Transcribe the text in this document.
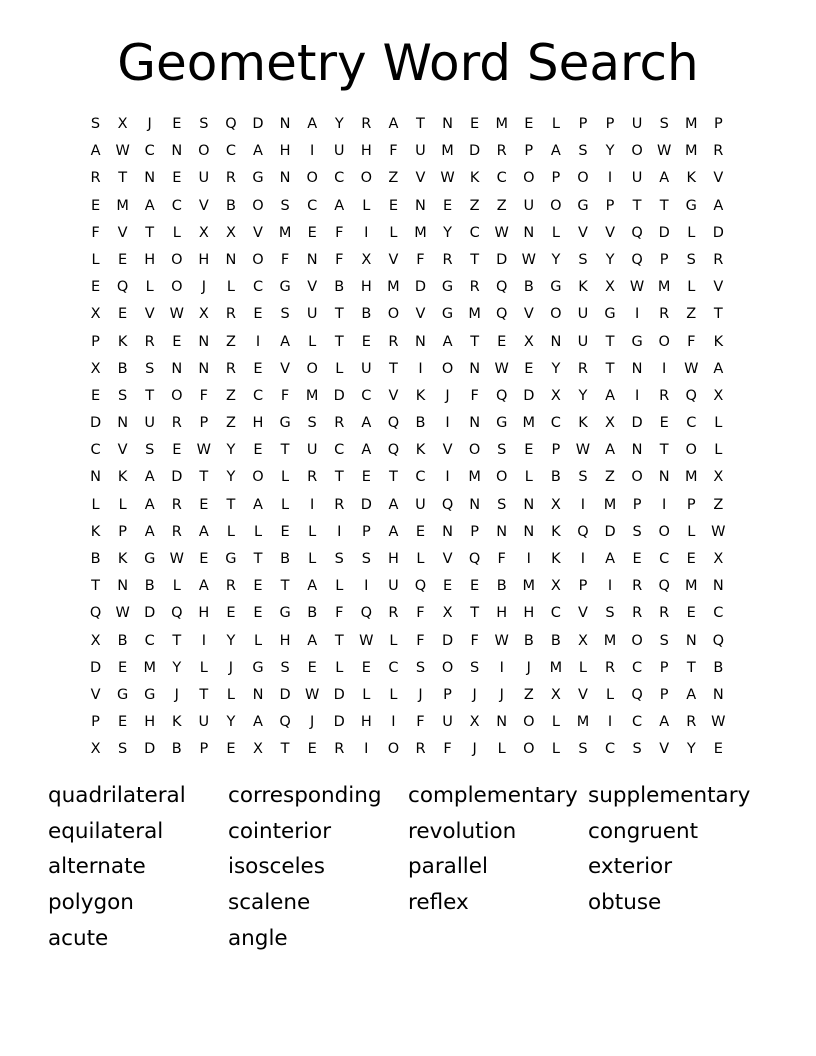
Geometry Word Search
S	X	J	E	S	Q	D	N	A	Y	R	A	T	N	E	M	E	L	P	P	U	S	M	P
A	W	C	N	O	C	A	H	I	U	H	F	U	M	D	R	P	A	S	Y	O W M	R
R	T	N	E	U	R	G	N	O	C	O	Z	V	W	K	C	O	P	O	I	U	A	K	V
E	M	A	C	V	B	O	S	C	A	L	E	N	E	Z	Z	U	O	G	P	T	T	G	A
F	V	T	L	X	X	V	M	E	F	I	L	M	Y	C	W N	L	V	V	Q	D	L	D
L	E	H	O	H	N	O	F	N	F	X	V	F	R	T	D W	Y	S	Y	Q	P	S	R
E	Q	L	O	J	L	C	G	V	B	H	M	D	G	R	Q	B	G	K	X	W M	L	V
X	E	V	W	X	R	E	S	U	T	B	O	V	G	M	Q	V	O	U	G	I	R	Z	T
P	K	R	E	N	Z	I	A	L	T	E	R	N	A	T	E	X	N	U	T	G	O	F	K
X	B	S	N	N	R	E	V	O	L	U	T	I	O	N W	E	Y	R	T	N	I	W	A
E	S	T	O	F	Z	C	F	M	D	C	V	K	J	F	Q	D	X	Y	A	I	R	Q	X
D	N	U	R	P	Z	H	G	S	R	A	Q	B	I	N	G	M	C	K	X	D	E	C	L
C	V	S	E	W	Y	E	T	U	C	A	Q	K	V	O	S	E	P	W	A	N	T	O	L
N	K	A	D	T	Y	O	L	R	T	E	T	C	I	M	O	L	B	S	Z	O	N	M	X
L	L	A	R	E	T	A	L	I	R	D	A	U	Q	N	S	N	X	I	M	P	I	P	Z
K	P	A	R	A	L	L	E	L	I	P	A	E	N	P	N	N	K	Q	D	S	O	L	W
B	K	G W	E	G	T	B	L	S	S	H	L	V	Q	F	I	K	I	A	E	C	E	X
T	N	B	L	A	R	E	T	A	L	I	U	Q	E	E	B	M	X	P	I	R	Q	M	N
Q W D	Q	H	E	E	G	B	F	Q	R	F	X	T	H	H	C	V	S	R	R	E	C
X	B	C	T	I	Y	L	H	A	T	W	L	F	D	F	W	B	B	X	M	O	S	N	Q
D	E	M	Y	L	J	G	S	E	L	E	C	S	O	S	I	J	M	L	R	C	P	T	B
V	G	G	J	T	L	N	D W D	L	L	J	P	J	J	Z	X	V	L	Q	P	A	N
P	E	H	K	U	Y	A	Q	J	D	H	I	F	U	X	N	O	L	M	I	C	A	R	W
X	S	D	B	P	E	X	T	E	R	I	O	R	F	J	L	O	L	S	C	S	V	Y	E
quadrilateral	corresponding	complementary supplementary
equilateral	cointerior	revolution	congruent
alternate	isosceles	parallel	exterior
polygon	scalene	reflex	obtuse
acute	angle
